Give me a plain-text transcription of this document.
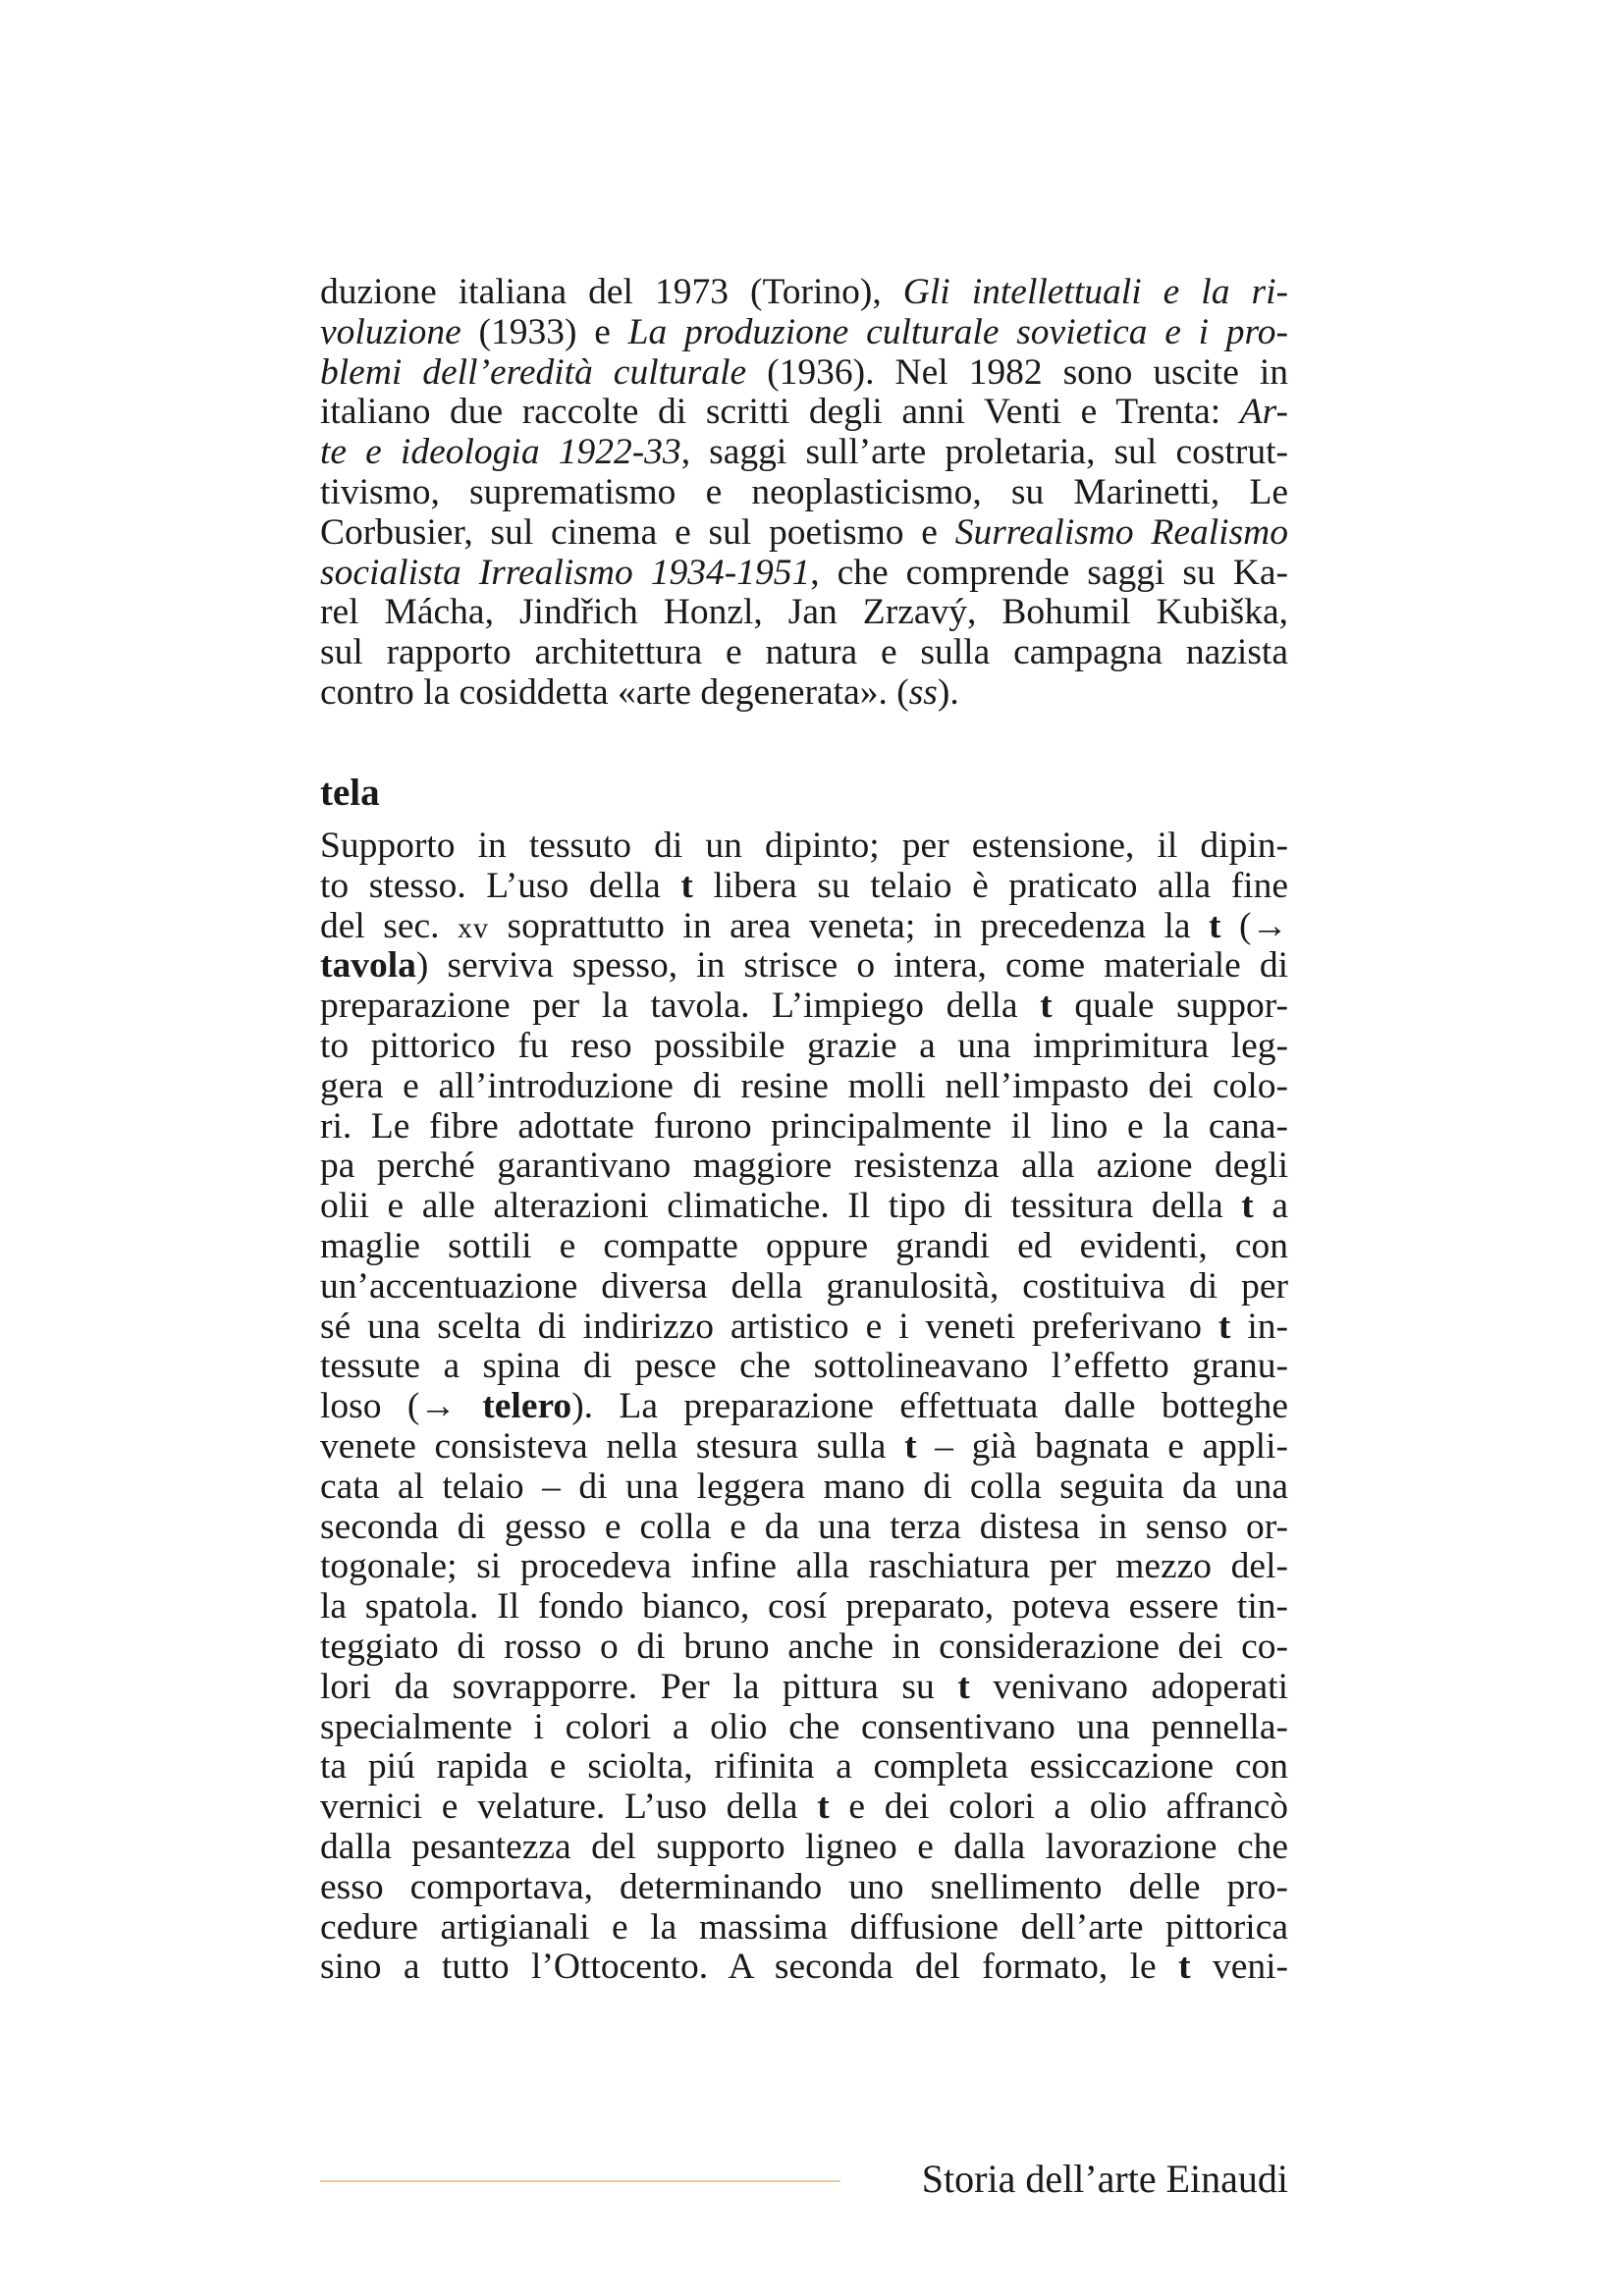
duzione italiana del 1973 (Torino), Gli intellettuali e la ri-
voluzione (1933) e La produzione culturale sovietica e i pro-
blemi dell’eredità culturale (1936). Nel 1982 sono uscite in
italiano due raccolte di scritti degli anni Venti e Trenta: Ar-
te e ideologia 1922-33, saggi sull’arte proletaria, sul costrut-
tivismo, suprematismo e neoplasticismo, su Marinetti, Le
Corbusier, sul cinema e sul poetismo e Surrealismo Realismo
socialista Irrealismo 1934-1951, che comprende saggi su Ka-
rel Mácha, Jindřich Honzl, Jan Zrzavý, Bohumil Kubiška,
sul rapporto architettura e natura e sulla campagna nazista
contro la cosiddetta «arte degenerata». (ss).

tela

Supporto in tessuto di un dipinto; per estensione, il dipin-
to stesso. L’uso della t libera su telaio è praticato alla fine
del sec. xv soprattutto in area veneta; in precedenza la t (→
tavola) serviva spesso, in strisce o intera, come materiale di
preparazione per la tavola. L’impiego della t quale suppor-
to pittorico fu reso possibile grazie a una imprimitura leg-
gera e all’introduzione di resine molli nell’impasto dei colo-
ri. Le fibre adottate furono principalmente il lino e la cana-
pa perché garantivano maggiore resistenza alla azione degli
olii e alle alterazioni climatiche. Il tipo di tessitura della t a
maglie sottili e compatte oppure grandi ed evidenti, con
un’accentuazione diversa della granulosità, costituiva di per
sé una scelta di indirizzo artistico e i veneti preferivano t in-
tessute a spina di pesce che sottolineavano l’effetto granu-
loso (→ telero). La preparazione effettuata dalle botteghe
venete consisteva nella stesura sulla t – già bagnata e appli-
cata al telaio – di una leggera mano di colla seguita da una
seconda di gesso e colla e da una terza distesa in senso or-
togonale; si procedeva infine alla raschiatura per mezzo del-
la spatola. Il fondo bianco, cosí preparato, poteva essere tin-
teggiato di rosso o di bruno anche in considerazione dei co-
lori da sovrapporre. Per la pittura su t venivano adoperati
specialmente i colori a olio che consentivano una pennella-
ta piú rapida e sciolta, rifinita a completa essiccazione con
vernici e velature. L’uso della t e dei colori a olio affrancò
dalla pesantezza del supporto ligneo e dalla lavorazione che
esso comportava, determinando uno snellimento delle pro-
cedure artigianali e la massima diffusione dell’arte pittorica
sino a tutto l’Ottocento. A seconda del formato, le t veni-

Storia dell’arte Einaudi
